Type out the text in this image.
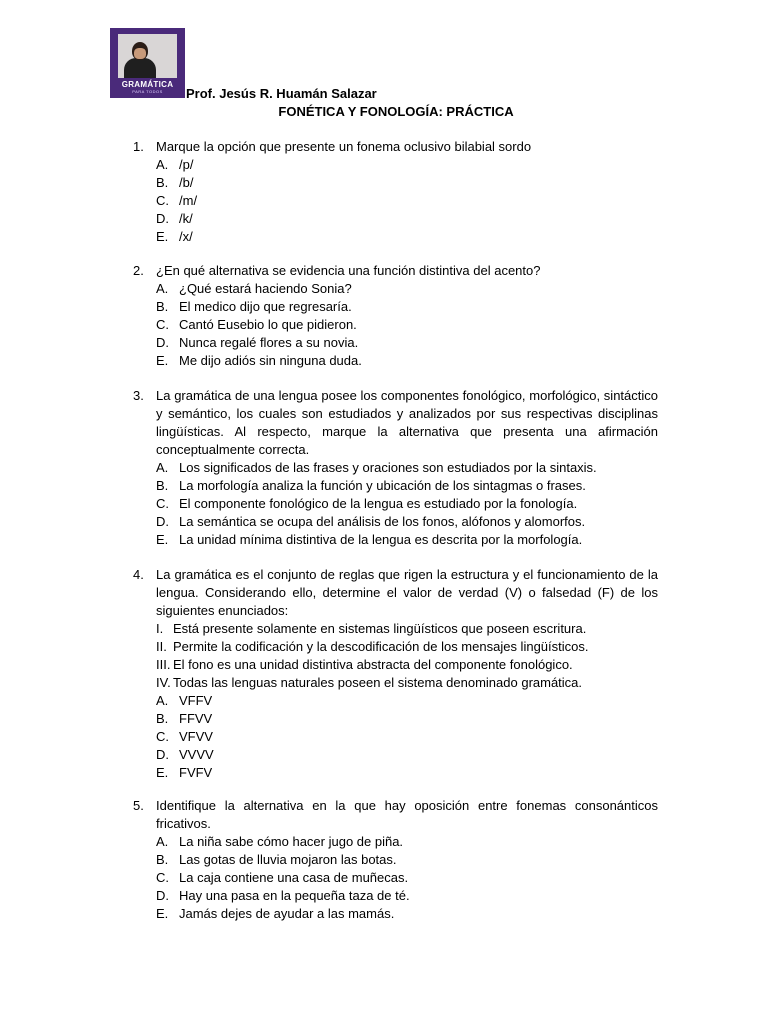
GRAMÁTICA
PARA TODOS	Prof. Jesús R. Huamán Salazar
FONÉTICA Y FONOLOGÍA: PRÁCTICA
1. Marque la opción que presente un fonema oclusivo bilabial sordo
A. /p/
B. /b/
C. /m/
D. /k/
E. /x/
2. ¿En qué alternativa se evidencia una función distintiva del acento?
A. ¿Qué estará haciendo Sonia?
B. El medico dijo que regresaría.
C. Cantó Eusebio lo que pidieron.
D. Nunca regalé flores a su novia.
E. Me dijo adiós sin ninguna duda.
3. La gramática de una lengua posee los componentes fonológico, morfológico, sintáctico y semántico, los cuales son estudiados y analizados por sus respectivas disciplinas lingüísticas. Al respecto, marque la alternativa que presenta una afirmación conceptualmente correcta.
A. Los significados de las frases y oraciones son estudiados por la sintaxis.
B. La morfología analiza la función y ubicación de los sintagmas o frases.
C. El componente fonológico de la lengua es estudiado por la fonología.
D. La semántica se ocupa del análisis de los fonos, alófonos y alomorfos.
E. La unidad mínima distintiva de la lengua es descrita por la morfología.
4. La gramática es el conjunto de reglas que rigen la estructura y el funcionamiento de la lengua. Considerando ello, determine el valor de verdad (V) o falsedad (F) de los siguientes enunciados:
I. Está presente solamente en sistemas lingüísticos que poseen escritura.
II. Permite la codificación y la descodificación de los mensajes lingüísticos.
III. El fono es una unidad distintiva abstracta del componente fonológico.
IV. Todas las lenguas naturales poseen el sistema denominado gramática.
A. VFFV
B. FFVV
C. VFVV
D. VVVV
E. FVFV
5. Identifique la alternativa en la que hay oposición entre fonemas consonánticos fricativos.
A. La niña sabe cómo hacer jugo de piña.
B. Las gotas de lluvia mojaron las botas.
C. La caja contiene una casa de muñecas.
D. Hay una pasa en la pequeña taza de té.
E. Jamás dejes de ayudar a las mamás.
